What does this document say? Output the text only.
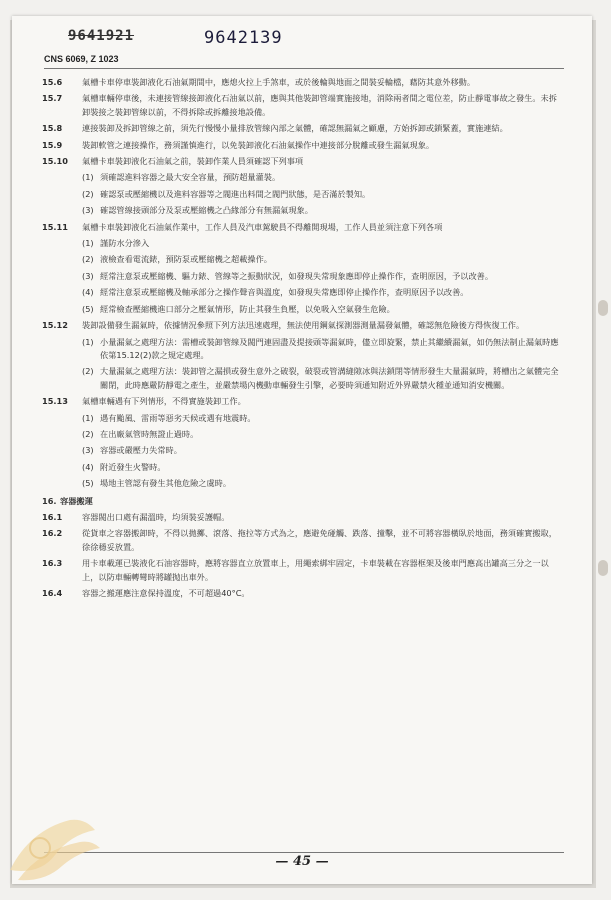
9641921	9642139
CNS 6069, Z 1023
15.6	氣槽卡車停車裝卸液化石油氣期間中，應熄火拉上手煞車，或於後輪與地面之間裝妥輪檔，藉防其意外移動。
15.7	氣槽車輛停車後，未連接管線接卸液化石油氣以前，應與其他裝卸管端實施接地，消除兩者間之電位差，防止靜電事故之發生。未拆卸裝接之裝卸管線以前，不得拆除或拆離接地設備。
15.8	連接裝卸及拆卸管線之前，須先行慢慢小量排放管線內部之氣體，確認無漏氣之顧慮，方始拆卸或鎖緊蓋，實施連結。
15.9	裝卸軟管之連接操作，務須謹慎進行，以免裝卸液化石油氣操作中連接部分脫離或發生漏氣現象。
15.10	氣槽卡車裝卸液化石油氣之前，裝卸作業人員須確認下列事項
(1) 須確認進料容器之最大安全容量，預防超量灌裝。
(2) 確認泵或壓縮機以及進料容器等之閥進出料間之閥門狀態，是否滿於製知。
(3) 確認管線接頭部分及泵或壓縮機之凸緣部分有無漏氣現象。
15.11	氣槽卡車裝卸液化石油氣作業中，工作人員及汽車駕駛員不得離開現場，工作人員並須注意下列各項
(1) 謹防水分滲入
(2) 液檢查看電流錶，預防泵或壓縮機之超載操作。
(3) 經常注意泵或壓縮機、驅力錶、管線等之振動狀況，如發現失常現象應即停止操作作，查明原因，予以改善。
(4) 經常注意泵或壓縮機及軸承部分之操作聲音與溫度，如發現失常應即停止操作作，查明原因予以改善。
(5) 經常檢查壓縮機進口部分之壓氣情形，防止其發生負壓，以免吸入空氣發生危險。
15.12	裝卸設備發生漏氣時，依據情況參照下列方法迅速處理，無法使用鋼氣探測器測量漏發氣體，確認無危險後方得恢復工作。
(1) 小量漏氣之處理方法：需槽或裝卸管線及閥門連固盡及提接頭等漏氣時，儘立即旋緊，禁止其繼續漏氣，如仍無法制止漏氣時應依第15.12(2)款之規定處理。
(2) 大量漏氣之處理方法：裝卸管之漏損或發生意外之破裂，破裂或管溝縫隙冰與法鎖閉等情形發生大量漏氣時，將槽出之氣體完全關閉，此時應嚴防靜電之產生，並嚴禁場內機動車輛發生引擎，必要時須通知附近外界嚴禁火種並通知消安機關。
15.13	氣槽車輛遇有下列情形，不得實施裝卸工作。
(1) 遇有颱風、雷雨等惡劣天候或遇有地震時。
(2) 在出廠氣管時無證止過時。
(3) 容器或嚴壓力失常時。
(4) 附近發生火警時。
(5) 場地主管認有發生其他危險之虞時。
16. 容器搬運
16.1	容器閥出口處有漏溫時，均須裝妥護帽。
16.2	從貨車之容器搬卸時，不得以拋擲、滾落、拖拉等方式為之，應避免碰觸、跌落、撞擊，並不可將容器橫臥於地面，務須確實搬取，徐徐穩妥放置。
16.3	用卡車載運已裝液化石油容器時，應將容器直立放置車上，用繩索綁牢固定，卡車裝載在容器框架及後車門應高出罐高三分之一以上，以防車輛轉彎時將罐抛出車外。
16.4	容器之搬運應注意保持溫度，不可超過40°C。
— 45 —
